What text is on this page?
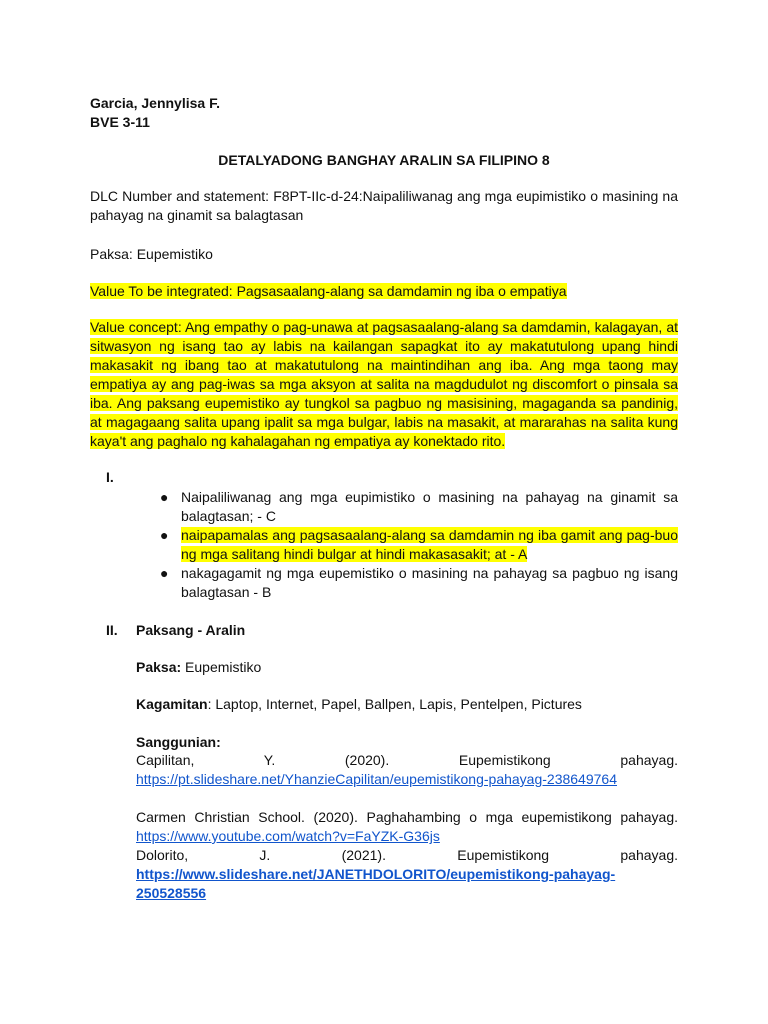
Garcia, Jennylisa F.
BVE 3-11
DETALYADONG BANGHAY ARALIN SA FILIPINO 8
DLC Number and statement: F8PT-IIc-d-24:Naipaliliwanag ang mga eupimistiko o masining na pahayag na ginamit sa balagtasan
Paksa: Eupemistiko
Value To be integrated: Pagsasaalang-alang sa damdamin ng iba o empatiya
Value concept: Ang empathy o pag-unawa at pagsasaalang-alang sa damdamin, kalagayan, at sitwasyon ng isang tao ay labis na kailangan sapagkat ito ay makatutulong upang hindi makasakit ng ibang tao at makatutulong na maintindihan ang iba. Ang mga taong may empatiya ay ang pag-iwas sa mga aksyon at salita na magdudulot ng discomfort o pinsala sa iba. Ang paksang eupemistiko ay tungkol sa pagbuo ng masisining, magaganda sa pandinig, at magagaang salita upang ipalit sa mga bulgar, labis na masakit, at mararahas na salita kung kaya't ang paghalo ng kahalagahan ng empatiya ay konektado rito.
I.
● Naipaliliwanag ang mga eupimistiko o masining na pahayag na ginamit sa balagtasan; - C
● naipapamalas ang pagsasaalang-alang sa damdamin ng iba gamit ang pag-buo ng mga salitang hindi bulgar at hindi makasasakit; at - A
● nakagagamit ng mga eupemistiko o masining na pahayag sa pagbuo ng isang balagtasan - B
II. Paksang - Aralin
Paksa: Eupemistiko
Kagamitan: Laptop, Internet, Papel, Ballpen, Lapis, Pentelpen, Pictures
Sanggunian:
Capilitan, Y. (2020). Eupemistikong pahayag.
https://pt.slideshare.net/YhanzieCapilitan/eupemistikong-pahayag-238649764
Carmen Christian School. (2020). Paghahambing o mga eupemistikong pahayag.
https://www.youtube.com/watch?v=FaYZK-G36js
Dolorito, J. (2021). Eupemistikong pahayag.
https://www.slideshare.net/JANETHDOLORITO/eupemistikong-pahayag-250528556
